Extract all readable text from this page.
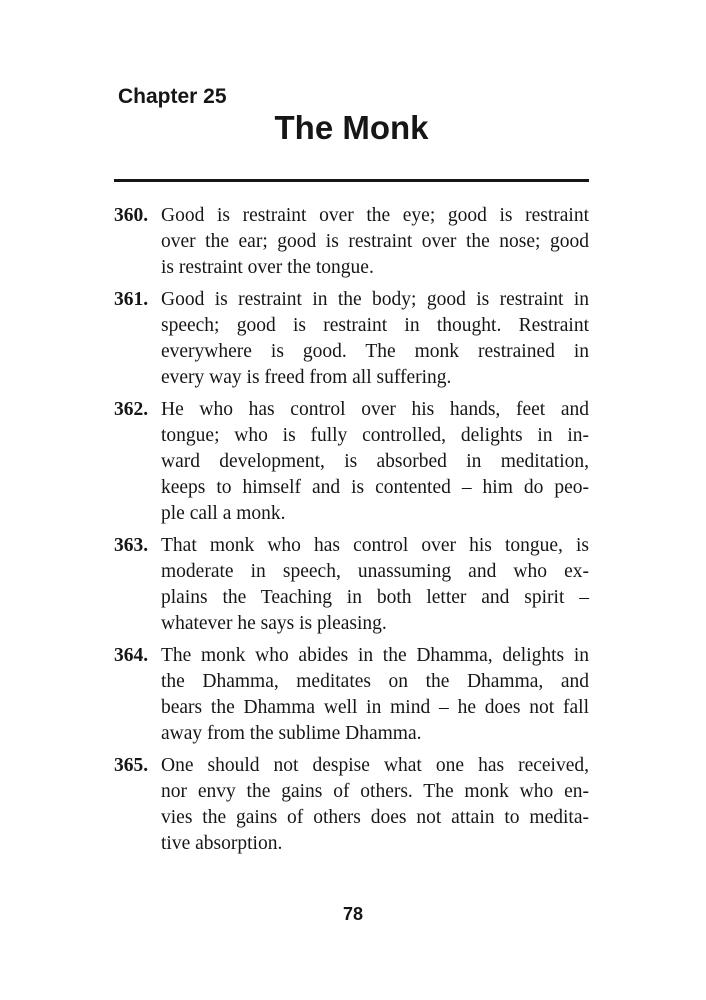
Chapter 25
The Monk
360. Good is restraint over the eye; good is restraint
over the ear; good is restraint over the nose; good
is restraint over the tongue.
361. Good is restraint in the body; good is restraint in
speech; good is restraint in thought. Restraint
everywhere is good. The monk restrained in
every way is freed from all suffering.
362. He who has control over his hands, feet and
tongue; who is fully controlled, delights in in-
ward development, is absorbed in meditation,
keeps to himself and is contented – him do peo-
ple call a monk.
363. That monk who has control over his tongue, is
moderate in speech, unassuming and who ex-
plains the Teaching in both letter and spirit –
whatever he says is pleasing.
364. The monk who abides in the Dhamma, delights in
the Dhamma, meditates on the Dhamma, and
bears the Dhamma well in mind – he does not fall
away from the sublime Dhamma.
365. One should not despise what one has received,
nor envy the gains of others. The monk who en-
vies the gains of others does not attain to medita-
tive absorption.
78
